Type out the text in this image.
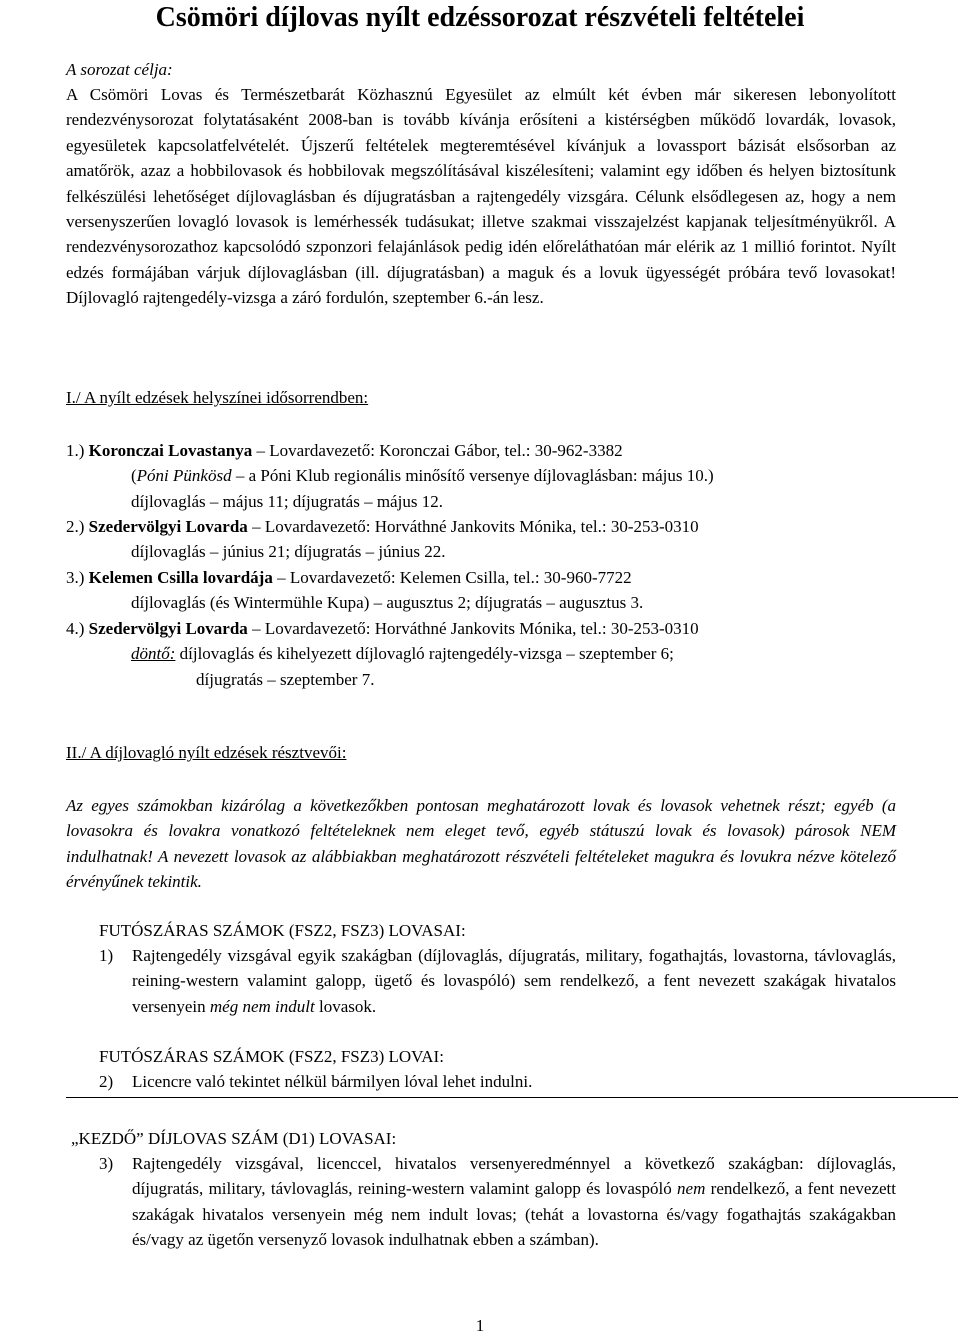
Csömöri díjlovas nyílt edzéssorozat részvételi feltételei
A sorozat célja:
A Csömöri Lovas és Természetbarát Közhasznú Egyesület az elmúlt két évben már sikeresen lebonyolított rendezvénysorozat folytatásaként 2008-ban is tovább kívánja erősíteni a kistérségben működő lovardák, lovasok, egyesületek kapcsolatfelvételét. Újszerű feltételek megteremtésével kívánjuk a lovassport bázisát elsősorban az amatőrök, azaz a hobbilovasok és hobbilovak megszólításával kiszélesíteni; valamint egy időben és helyen biztosítunk felkészülési lehetőséget díjlovaglásban és díjugratásban a rajtengedély vizsgára. Célunk elsődlegesen az, hogy a nem versenyszerűen lovagló lovasok is lemérhessék tudásukat; illetve szakmai visszajelzést kapjanak teljesítményükről. A rendezvénysorozathoz kapcsolódó szponzori felajánlások pedig idén előreláthatóan már elérik az 1 millió forintot. Nyílt edzés formájában várjuk díjlovaglásban (ill. díjugratásban) a maguk és a lovuk ügyességét próbára tevő lovasokat! Díjlovagló rajtengedély-vizsga a záró fordulón, szeptember 6.-án lesz.
I./ A nyílt edzések helyszínei idősorrendben:
1.) Koronczai Lovastanya – Lovardavezető: Koronczai Gábor, tel.: 30-962-3382
(Póni Pünkösd – a Póni Klub regionális minősítő versenye díjlovaglásban: május 10.)
díjlovaglás – május 11; díjugratás – május 12.
2.) Szedervölgyi Lovarda – Lovardavezető: Horváthné Jankovits Mónika, tel.: 30-253-0310
díjlovaglás – június 21; díjugratás – június 22.
3.) Kelemen Csilla lovardája – Lovardavezető: Kelemen Csilla, tel.: 30-960-7722
díjlovaglás (és Wintermühle Kupa) – augusztus 2; díjugratás – augusztus 3.
4.) Szedervölgyi Lovarda – Lovardavezető: Horváthné Jankovits Mónika, tel.: 30-253-0310
döntő: díjlovaglás és kihelyezett díjlovagló rajtengedély-vizsga – szeptember 6;
díjugratás – szeptember 7.
II./ A díjlovagló nyílt edzések résztvevői:
Az egyes számokban kizárólag a következőkben pontosan meghatározott lovak és lovasok vehetnek részt; egyéb (a lovasokra és lovakra vonatkozó feltételeknek nem eleget tevő, egyéb státuszú lovak és lovasok) párosok NEM indulhatnak! A nevezett lovasok az alábbiakban meghatározott részvételi feltételeket magukra és lovukra nézve kötelező érvényűnek tekintik.
FUTÓSZÁRAS SZÁMOK (FSZ2, FSZ3) LOVASAI:
1) Rajtengedély vizsgával egyik szakágban (díjlovaglás, díjugratás, military, fogathajtás, lovastorna, távlovaglás, reining-western valamint galopp, ügető és lovaspóló) sem rendelkező, a fent nevezett szakágak hivatalos versenyein még nem indult lovasok.
FUTÓSZÁRAS SZÁMOK (FSZ2, FSZ3) LOVAI:
2) Licencre való tekintet nélkül bármilyen lóval lehet indulni.
„KEZDŐ” DÍJLOVAS SZÁM (D1) LOVASAI:
3) Rajtengedély vizsgával, licenccel, hivatalos versenyeredménnyel a következő szakágban: díjlovaglás, díjugratás, military, távlovaglás, reining-western valamint galopp és lovaspóló nem rendelkező, a fent nevezett szakágak hivatalos versenyein még nem indult lovas; (tehát a lovastorna és/vagy fogathajtás szakágakban és/vagy az ügetőn versenyző lovasok indulhatnak ebben a számban).
1
